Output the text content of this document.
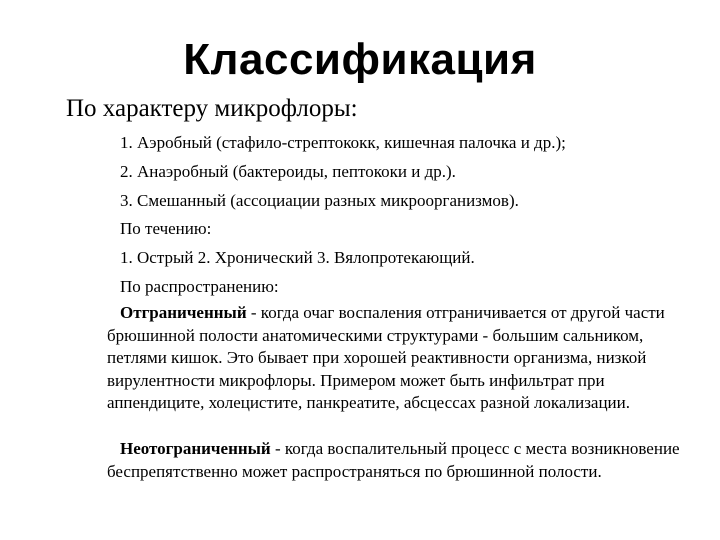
Классификация
По характеру микрофлоры:
1. Аэробный (стафило-стрептококк, кишечная палочка и др.);
2. Анаэробный (бактероиды, пептококи и др.).
3. Смешанный (ассоциации разных микроорганизмов).
По течению:
1. Острый 2. Хронический 3. Вялопротекающий.
По распространению:
Отграниченный - когда очаг воспаления отграничивается от другой части брюшинной полости анатомическими структурами - большим сальником, петлями кишок. Это бывает при хорошей реактивности организма, низкой вирулентности микрофлоры. Примером может быть инфильтрат при аппендиците, холецистите, панкреатите, абсцессах разной локализации.
Неотограниченный - когда воспалительный процесс с места возникновение беспрепятственно может распространяться по брюшинной полости.
